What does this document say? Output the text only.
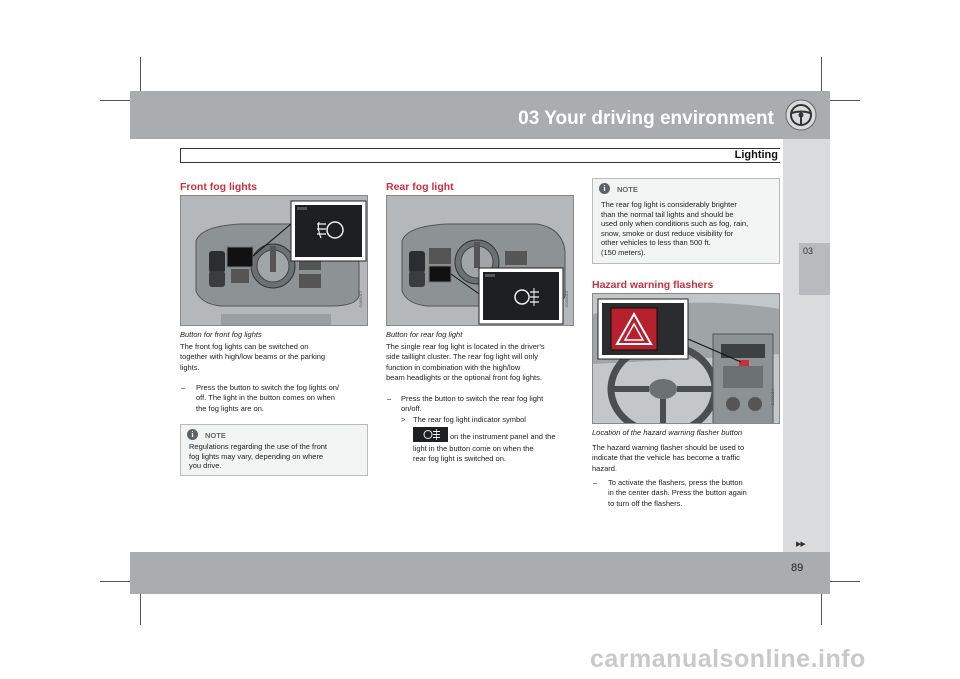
03 Your driving environment
03
Lighting
Front fog lights
G000012
Button for front fog lights
The front fog lights can be switched on
together with high/low beams or the parking
lights.
– Press the button to switch the fog lights on/
off. The light in the button comes on when
the fog lights are on.
i	NOTE
Regulations regarding the use of the front
fog lights may vary, depending on where
you drive.
Rear fog light
G000013
Button for rear fog light
The single rear fog light is located in the driver's
side taillight cluster. The rear fog light will only
function in combination with the high/low
beam headlights or the optional front fog lights.
– Press the button to switch the rear fog light
on/off.
> The rear fog light indicator symbol
on the instrument panel and the
light in the button come on when the
rear fog light is switched on.
i	NOTE
The rear fog light is considerably brighter
than the normal tail lights and should be
used only when conditions such as fog, rain,
snow, smoke or dust reduce visibility for
other vehicles to less than 500 ft.
(150 meters).
Hazard warning flashers
G000014
Location of the hazard warning flasher button
The hazard warning flasher should be used to
indicate that the vehicle has become a traffic
hazard.
– To activate the flashers, press the button
in the center dash. Press the button again
to turn off the flashers.
▶▶
89
carmanualsonline.info
